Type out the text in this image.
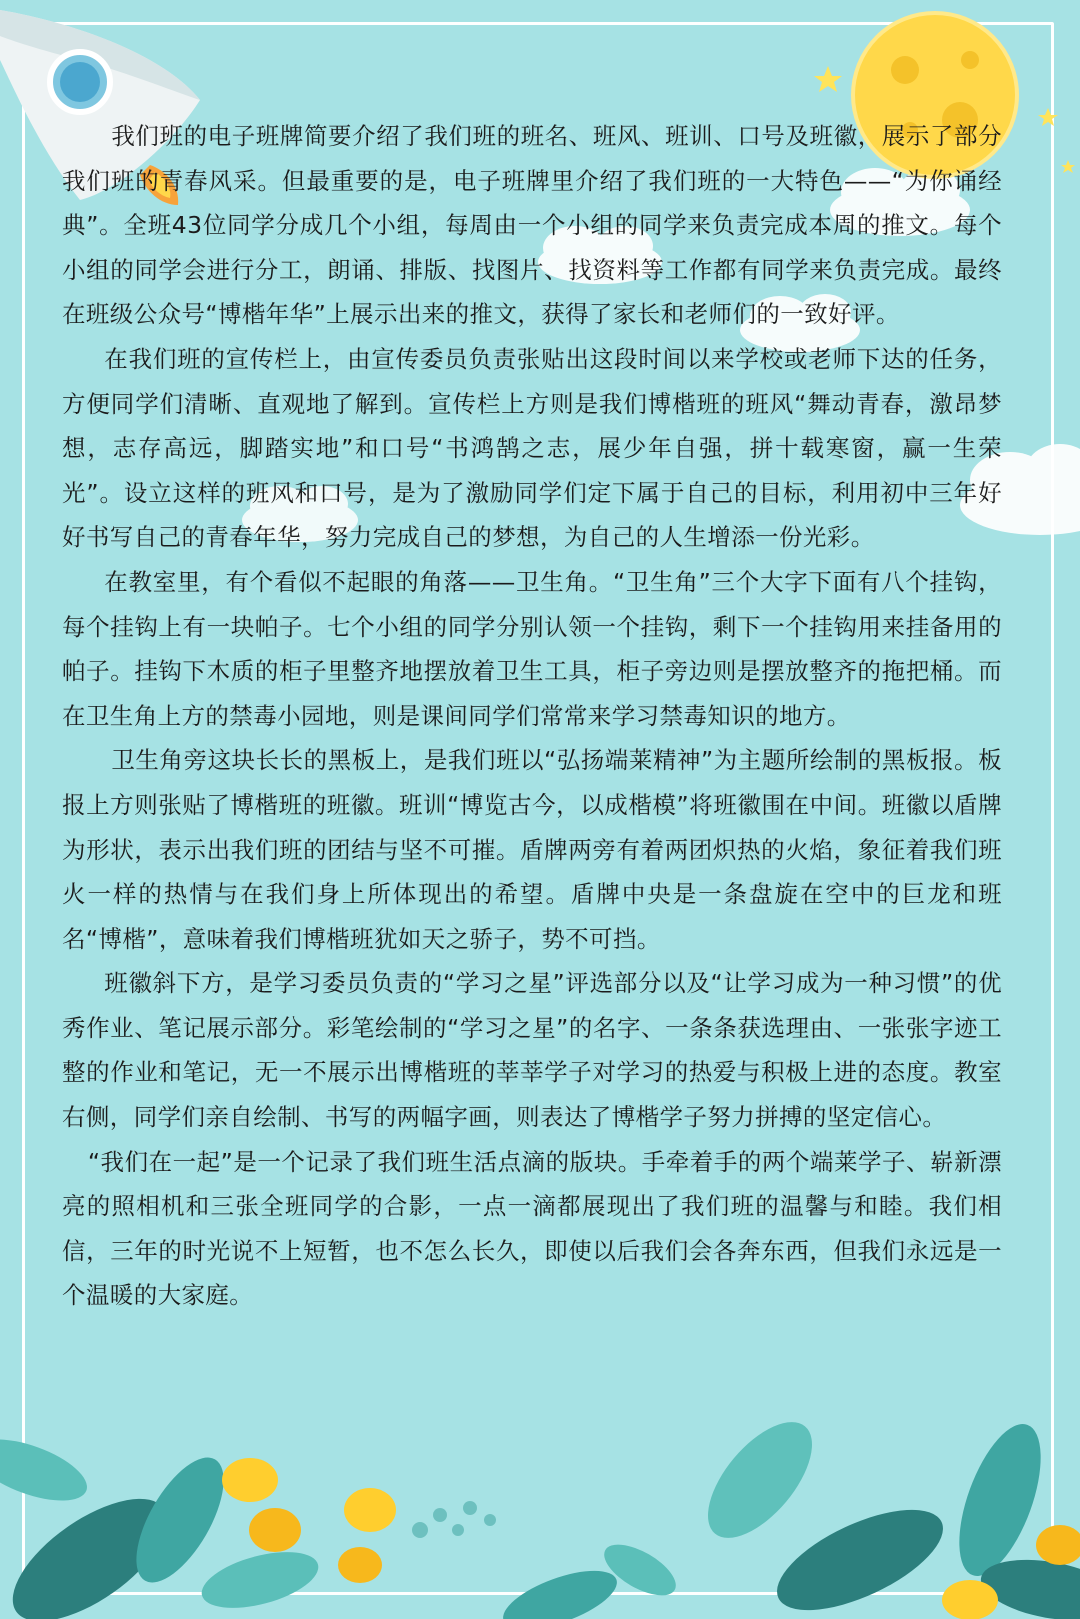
我们班的电子班牌简要介绍了我们班的班名、班风、班训、口号及班徽，展示了部分我们班的青春风采。但最重要的是，电子班牌里介绍了我们班的一大特色——“为你诵经典”。全班43位同学分成几个小组，每周由一个小组的同学来负责完成本周的推文。每个小组的同学会进行分工，朗诵、排版、找图片、找资料等工作都有同学来负责完成。最终在班级公众号“博楷年华”上展示出来的推文，获得了家长和老师们的一致好评。

在我们班的宣传栏上，由宣传委员负责张贴出这段时间以来学校或老师下达的任务，方便同学们清晰、直观地了解到。宣传栏上方则是我们博楷班的班风“舞动青春，激昂梦想，志存高远，脚踏实地”和口号“书鸿鹄之志，展少年自强，拼十载寒窗，赢一生荣光”。设立这样的班风和口号，是为了激励同学们定下属于自己的目标，利用初中三年好好书写自己的青春年华，努力完成自己的梦想，为自己的人生增添一份光彩。

在教室里，有个看似不起眼的角落——卫生角。“卫生角”三个大字下面有八个挂钩，每个挂钩上有一块帕子。七个小组的同学分别认领一个挂钩，剩下一个挂钩用来挂备用的帕子。挂钩下木质的柜子里整齐地摆放着卫生工具，柜子旁边则是摆放整齐的拖把桶。而在卫生角上方的禁毒小园地，则是课间同学们常常来学习禁毒知识的地方。

卫生角旁这块长长的黑板上，是我们班以“弘扬端莱精神”为主题所绘制的黑板报。板报上方则张贴了博楷班的班徽。班训“博览古今，以成楷模”将班徽围在中间。班徽以盾牌为形状，表示出我们班的团结与坚不可摧。盾牌两旁有着两团炽热的火焰，象征着我们班火一样的热情与在我们身上所体现出的希望。盾牌中央是一条盘旋在空中的巨龙和班名“博楷”，意味着我们博楷班犹如天之骄子，势不可挡。

班徽斜下方，是学习委员负责的“学习之星”评选部分以及“让学习成为一种习惯”的优秀作业、笔记展示部分。彩笔绘制的“学习之星”的名字、一条条获选理由、一张张字迹工整的作业和笔记，无一不展示出博楷班的莘莘学子对学习的热爱与积极上进的态度。教室右侧，同学们亲自绘制、书写的两幅字画，则表达了博楷学子努力拼搏的坚定信心。

“我们在一起”是一个记录了我们班生活点滴的版块。手牵着手的两个端莱学子、崭新漂亮的照相机和三张全班同学的合影，一点一滴都展现出了我们班的温馨与和睦。我们相信，三年的时光说不上短暂，也不怎么长久，即使以后我们会各奔东西，但我们永远是一个温暖的大家庭。
